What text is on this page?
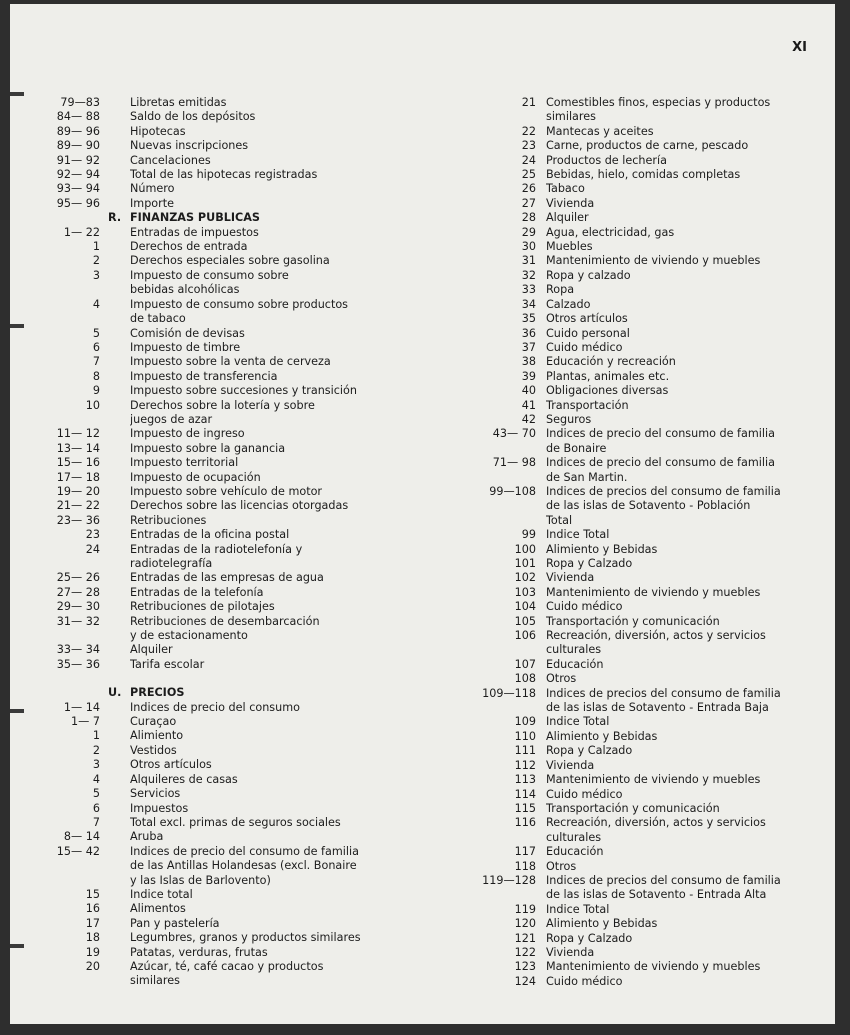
XI
79—83	Libretas emitidas
84— 88	Saldo de los depósitos
89— 96	Hipotecas
89— 90	Nuevas inscripciones
91— 92	Cancelaciones
92— 94	Total de las hipotecas registradas
93— 94	Número
95— 96	Importe
R. FINANZAS PUBLICAS
1— 22	Entradas de impuestos
1	Derechos de entrada
2	Derechos especiales sobre gasolina
3	Impuesto de consumo sobre
bebidas alcohólicas
4	Impuesto de consumo sobre productos
de tabaco
5	Comisión de devisas
6	Impuesto de timbre
7	Impuesto sobre la venta de cerveza
8	Impuesto de transferencia
9	Impuesto sobre succesiones y transición
10	Derechos sobre la lotería y sobre
juegos de azar
11— 12	Impuesto de ingreso
13— 14	Impuesto sobre la ganancia
15— 16	Impuesto territorial
17— 18	Impuesto de ocupación
19— 20	Impuesto sobre vehículo de motor
21— 22	Derechos sobre las licencias otorgadas
23— 36	Retribuciones
23	Entradas de la oficina postal
24	Entradas de la radiotelefonía y
radiotelegrafía
25— 26	Entradas de las empresas de agua
27— 28	Entradas de la telefonía
29— 30	Retribuciones de pilotajes
31— 32	Retribuciones de desembarcación
y de estacionamento
33— 34	Alquiler
35— 36	Tarifa escolar
U. PRECIOS
1— 14	Indices de precio del consumo
1— 7	Curaçao
1	Alimiento
2	Vestidos
3	Otros artículos
4	Alquileres de casas
5	Servicios
6	Impuestos
7	Total excl. primas de seguros sociales
8— 14	Aruba
15— 42	Indices de precio del consumo de familia
de las Antillas Holandesas (excl. Bonaire
y las Islas de Barlovento)
15	Indice total
16	Alimentos
17	Pan y pastelería
18	Legumbres, granos y productos similares
19	Patatas, verduras, frutas
20	Azúcar, té, café cacao y productos
similares
21 Comestibles finos, especias y productos
similares
22 Mantecas y aceites
23 Carne, productos de carne, pescado
24 Productos de lechería
25 Bebidas, hielo, comidas completas
26 Tabaco
27 Vivienda
28 Alquiler
29 Agua, electricidad, gas
30 Muebles
31 Mantenimiento de viviendo y muebles
32 Ropa y calzado
33 Ropa
34 Calzado
35 Otros artículos
36 Cuido personal
37 Cuido médico
38 Educación y recreación
39 Plantas, animales etc.
40 Obligaciones diversas
41 Transportación
42 Seguros
43— 70 Indices de precio del consumo de familia
de Bonaire
71— 98 Indices de precio del consumo de familia
de San Martin.
99—108 Indices de precios del consumo de familia
de las islas de Sotavento - Población
Total
99 Indice Total
100 Alimiento y Bebidas
101 Ropa y Calzado
102 Vivienda
103 Mantenimiento de viviendo y muebles
104 Cuido médico
105 Transportación y comunicación
106 Recreación, diversión, actos y servicios
culturales
107 Educación
108 Otros
109—118 Indices de precios del consumo de familia
de las islas de Sotavento - Entrada Baja
109 Indice Total
110 Alimiento y Bebidas
111 Ropa y Calzado
112 Vivienda
113 Mantenimiento de viviendo y muebles
114 Cuido médico
115 Transportación y comunicación
116 Recreación, diversión, actos y servicios
culturales
117 Educación
118 Otros
119—128 Indices de precios del consumo de familia
de las islas de Sotavento - Entrada Alta
119 Indice Total
120 Alimiento y Bebidas
121 Ropa y Calzado
122 Vivienda
123 Mantenimiento de viviendo y muebles
124 Cuido médico
